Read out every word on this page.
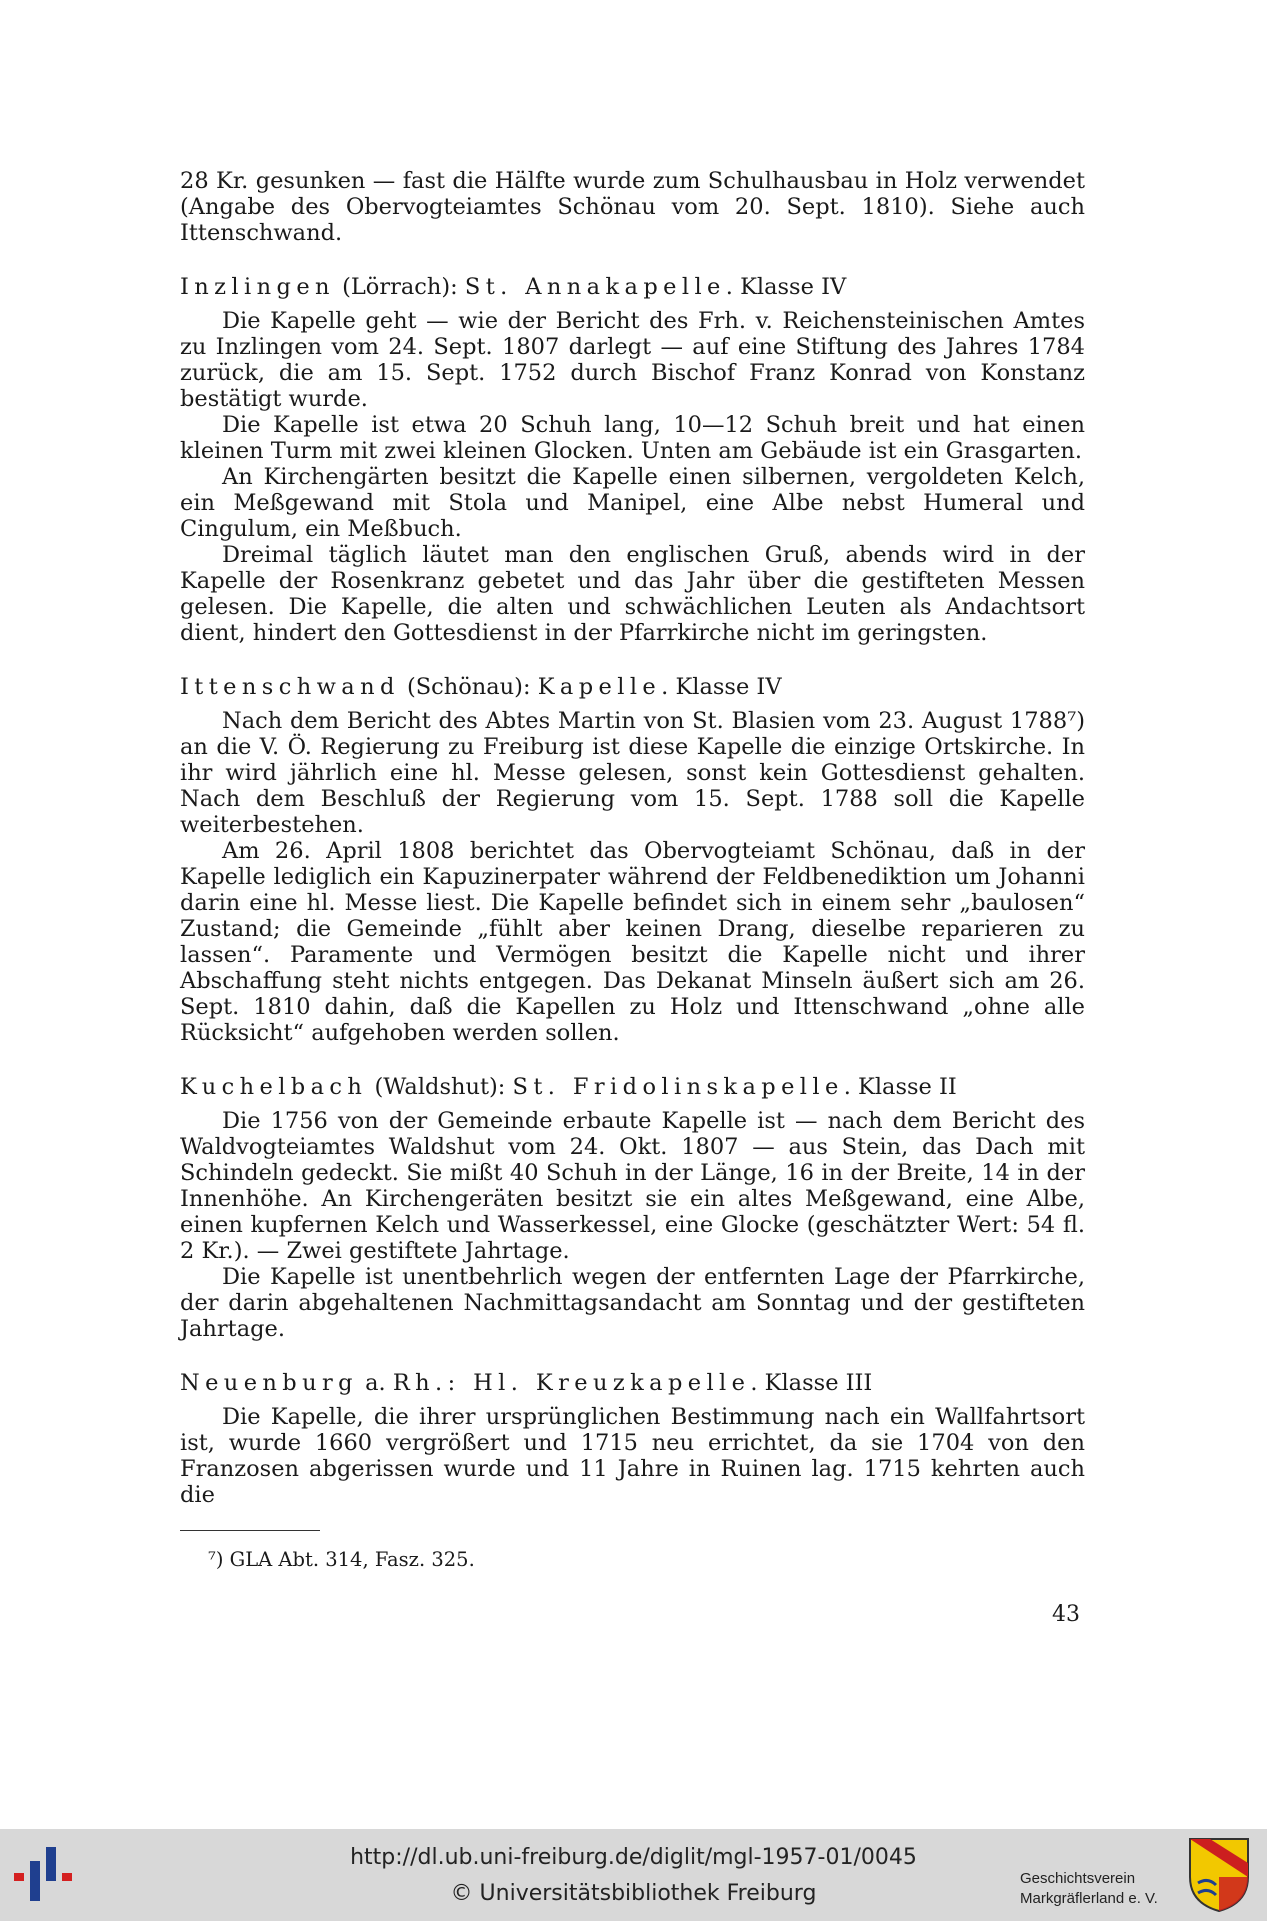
28 Kr. gesunken — fast die Hälfte wurde zum Schulhausbau in Holz verwendet (Angabe des Obervogteiamtes Schönau vom 20. Sept. 1810). Siehe auch Ittenschwand.

Inzlingen (Lörrach): St. Annakapelle. Klasse IV

Die Kapelle geht — wie der Bericht des Frh. v. Reichensteinischen Amtes zu Inzlingen vom 24. Sept. 1807 darlegt — auf eine Stiftung des Jahres 1784 zurück, die am 15. Sept. 1752 durch Bischof Franz Konrad von Konstanz bestätigt wurde.

Die Kapelle ist etwa 20 Schuh lang, 10—12 Schuh breit und hat einen kleinen Turm mit zwei kleinen Glocken. Unten am Gebäude ist ein Grasgarten.

An Kirchengärten besitzt die Kapelle einen silbernen, vergoldeten Kelch, ein Meßgewand mit Stola und Manipel, eine Albe nebst Humeral und Cingulum, ein Meßbuch.

Dreimal täglich läutet man den englischen Gruß, abends wird in der Kapelle der Rosenkranz gebetet und das Jahr über die gestifteten Messen gelesen. Die Kapelle, die alten und schwächlichen Leuten als Andachtsort dient, hindert den Gottesdienst in der Pfarrkirche nicht im geringsten.

Ittenschwand (Schönau): Kapelle. Klasse IV

Nach dem Bericht des Abtes Martin von St. Blasien vom 23. August 1788⁷) an die V. Ö. Regierung zu Freiburg ist diese Kapelle die einzige Ortskirche. In ihr wird jährlich eine hl. Messe gelesen, sonst kein Gottesdienst gehalten. Nach dem Beschluß der Regierung vom 15. Sept. 1788 soll die Kapelle weiterbestehen.

Am 26. April 1808 berichtet das Obervogteiamt Schönau, daß in der Kapelle lediglich ein Kapuzinerpater während der Feldbenediktion um Johanni darin eine hl. Messe liest. Die Kapelle befindet sich in einem sehr „baulosen“ Zustand; die Gemeinde „fühlt aber keinen Drang, dieselbe reparieren zu lassen“. Paramente und Vermögen besitzt die Kapelle nicht und ihrer Abschaffung steht nichts entgegen. Das Dekanat Minseln äußert sich am 26. Sept. 1810 dahin, daß die Kapellen zu Holz und Ittenschwand „ohne alle Rücksicht“ aufgehoben werden sollen.

Kuchelbach (Waldshut): St. Fridolinskapelle. Klasse II

Die 1756 von der Gemeinde erbaute Kapelle ist — nach dem Bericht des Waldvogteiamtes Waldshut vom 24. Okt. 1807 — aus Stein, das Dach mit Schindeln gedeckt. Sie mißt 40 Schuh in der Länge, 16 in der Breite, 14 in der Innenhöhe. An Kirchengeräten besitzt sie ein altes Meßgewand, eine Albe, einen kupfernen Kelch und Wasserkessel, eine Glocke (geschätzter Wert: 54 fl. 2 Kr.). — Zwei gestiftete Jahrtage.

Die Kapelle ist unentbehrlich wegen der entfernten Lage der Pfarrkirche, der darin abgehaltenen Nachmittagsandacht am Sonntag und der gestifteten Jahrtage.

Neuenburg a. Rh.: Hl. Kreuzkapelle. Klasse III

Die Kapelle, die ihrer ursprünglichen Bestimmung nach ein Wallfahrtsort ist, wurde 1660 vergrößert und 1715 neu errichtet, da sie 1704 von den Franzosen abgerissen wurde und 11 Jahre in Ruinen lag. 1715 kehrten auch die

⁷) GLA Abt. 314, Fasz. 325.
43
http://dl.ub.uni-freiburg.de/diglit/mgl-1957-01/0045
© Universitätsbibliothek Freiburg
Geschichtsverein
Markgräflerland e. V.
